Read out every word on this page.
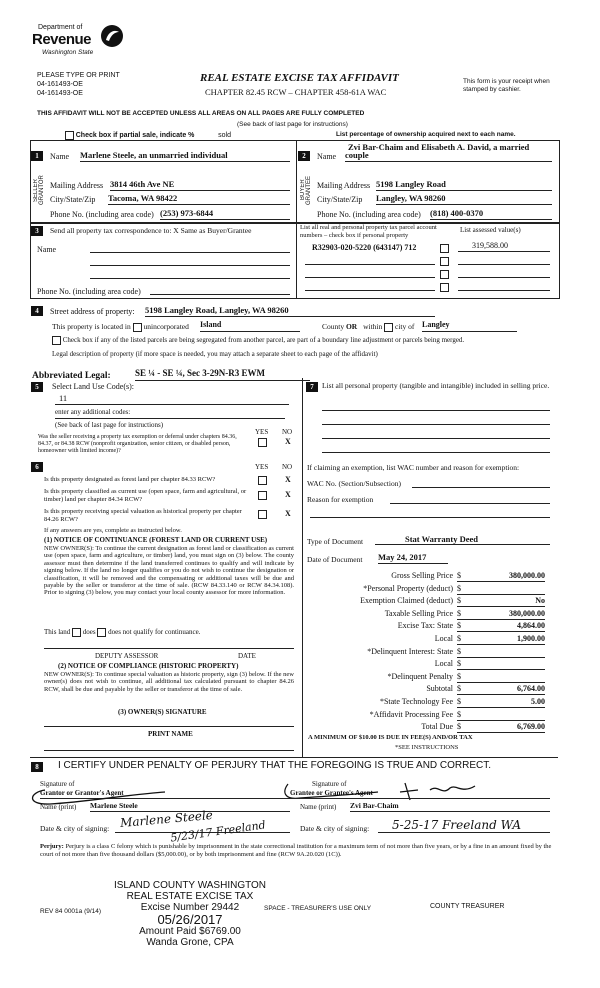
Department of
Revenue
Washington State
PLEASE TYPE OR PRINT
04-161493-OE
04-161493-OE
REAL ESTATE EXCISE TAX AFFIDAVIT
CHAPTER 82.45 RCW – CHAPTER 458-61A WAC
This form is your receipt when stamped by cashier.
THIS AFFIDAVIT WILL NOT BE ACCEPTED UNLESS ALL AREAS ON ALL PAGES ARE FULLY COMPLETED
(See back of last page for instructions)
Check box if partial sale, indicate %	sold	List percentage of ownership acquired next to each name.
1
SELLER GRANTOR
Name Marlene Steele, an unmarried individual
Mailing Address 3814 46th Ave NE
City/State/Zip Tacoma, WA 98422
Phone No. (including area code) (253) 973-6844
2
BUYER GRANTEE
Zvi Bar-Chaim and Elisabeth A. David, a married
Name couple
Mailing Address 5198 Langley Road
City/State/Zip Langley, WA 98260
Phone No. (including area code) (818) 400-0370
3	Send all property tax correspondence to: X Same as Buyer/Grantee
Name
Phone No. (including area code)
List all real and personal property tax parcel account numbers – check box if personal property
List assessed value(s)
R32903-020-5220 (643147) 712	319,588.00
4	Street address of property: 5198 Langley Road, Langley, WA 98260
This property is located in unincorporated Island	County OR within city of Langley
Check box if any of the listed parcels are being segregated from another parcel, are part of a boundary line adjustment or parcels being merged.
Legal description of property (if more space is needed, you may attach a separate sheet to each page of the affidavit)
Abbreviated Legal:	SE ¼ - SE ¼, Sec 3-29N-R3 EWM
5	Select Land Use Code(s):
11
enter any additional codes:
(See back of last page for instructions)
YES NO
Was the seller receiving a property tax exemption or deferral under chapters 84.36, 84.37, or 84.38 RCW (nonprofit organization, senior citizen, or disabled person, homeowner with limited income)?
X
6	YES NO
Is this property designated as forest land per chapter 84.33 RCW?	X
Is this property classified as current use (open space, farm and agricultural, or timber) land per chapter 84.34 RCW?	X
Is this property receiving special valuation as historical property per chapter 84.26 RCW?
X
If any answers are yes, complete as instructed below.
(1) NOTICE OF CONTINUANCE (FOREST LAND OR CURRENT USE)
NEW OWNER(S): To continue the current designation as forest land or classification as current use (open space, farm and agriculture, or timber) land, you must sign on (3) below. The county assessor must then determine if the land transferred continues to qualify and will indicate by signing below. If the land no longer qualifies or you do not wish to continue the designation or classification, it will be removed and the compensating or additional taxes will be due and payable by the seller or transferor at the time of sale. (RCW 84.33.140 or RCW 84.34.108). Prior to signing (3) below, you may contact your local county assessor for more information.
This land does does not qualify for continuance.
DEPUTY ASSESSOR	DATE
(2) NOTICE OF COMPLIANCE (HISTORIC PROPERTY)
NEW OWNER(S): To continue special valuation as historic property, sign (3) below. If the new owner(s) does not wish to continue, all additional tax calculated pursuant to chapter 84.26 RCW, shall be due and payable by the seller or transferor at the time of sale.
(3) OWNER(S) SIGNATURE
PRINT NAME
7	List all personal property (tangible and intangible) included in selling price.
If claiming an exemption, list WAC number and reason for exemption:
WAC No. (Section/Subsection)
Reason for exemption
Type of Document	Stat Warranty Deed
Date of Document May 24, 2017
Gross Selling Price $	380,000.00
*Personal Property (deduct) $
Exemption Claimed (deduct) $	No
Taxable Selling Price $	380,000.00
Excise Tax: State $	4,864.00
Local $	1,900.00
*Delinquent Interest: State $
Local $
*Delinquent Penalty $
Subtotal $	6,764.00
*State Technology Fee $	5.00
*Affidavit Processing Fee $
Total Due $	6,769.00
A MINIMUM OF $10.00 IS DUE IN FEE(S) AND/OR TAX
*SEE INSTRUCTIONS
8	I CERTIFY UNDER PENALTY OF PERJURY THAT THE FOREGOING IS TRUE AND CORRECT.
Signature of
Grantor or Grantor's Agent
Name (print) Marlene Steele
Date & city of signing: Marlene Steele
5/23/17 Freeland
Signature of
Grantee or Grantee's Agent
Name (print) Zvi Bar-Chaim
Date & city of signing: 5-25-17 Freeland WA
Perjury: Perjury is a class C felony which is punishable by imprisonment in the state correctional institution for a maximum term of not more than five years, or by a fine in an amount fixed by the court of not more than five thousand dollars ($5,000.00), or by both imprisonment and fine (RCW 9A.20.020 (1C)).
ISLAND COUNTY WASHINGTON
REAL ESTATE EXCISE TAX
Excise Number 29442
05/26/2017
Amount Paid $6769.00
Wanda Grone, CPA
REV 84 0001a (9/14)	SPACE - TREASURER'S USE ONLY	COUNTY TREASURER
